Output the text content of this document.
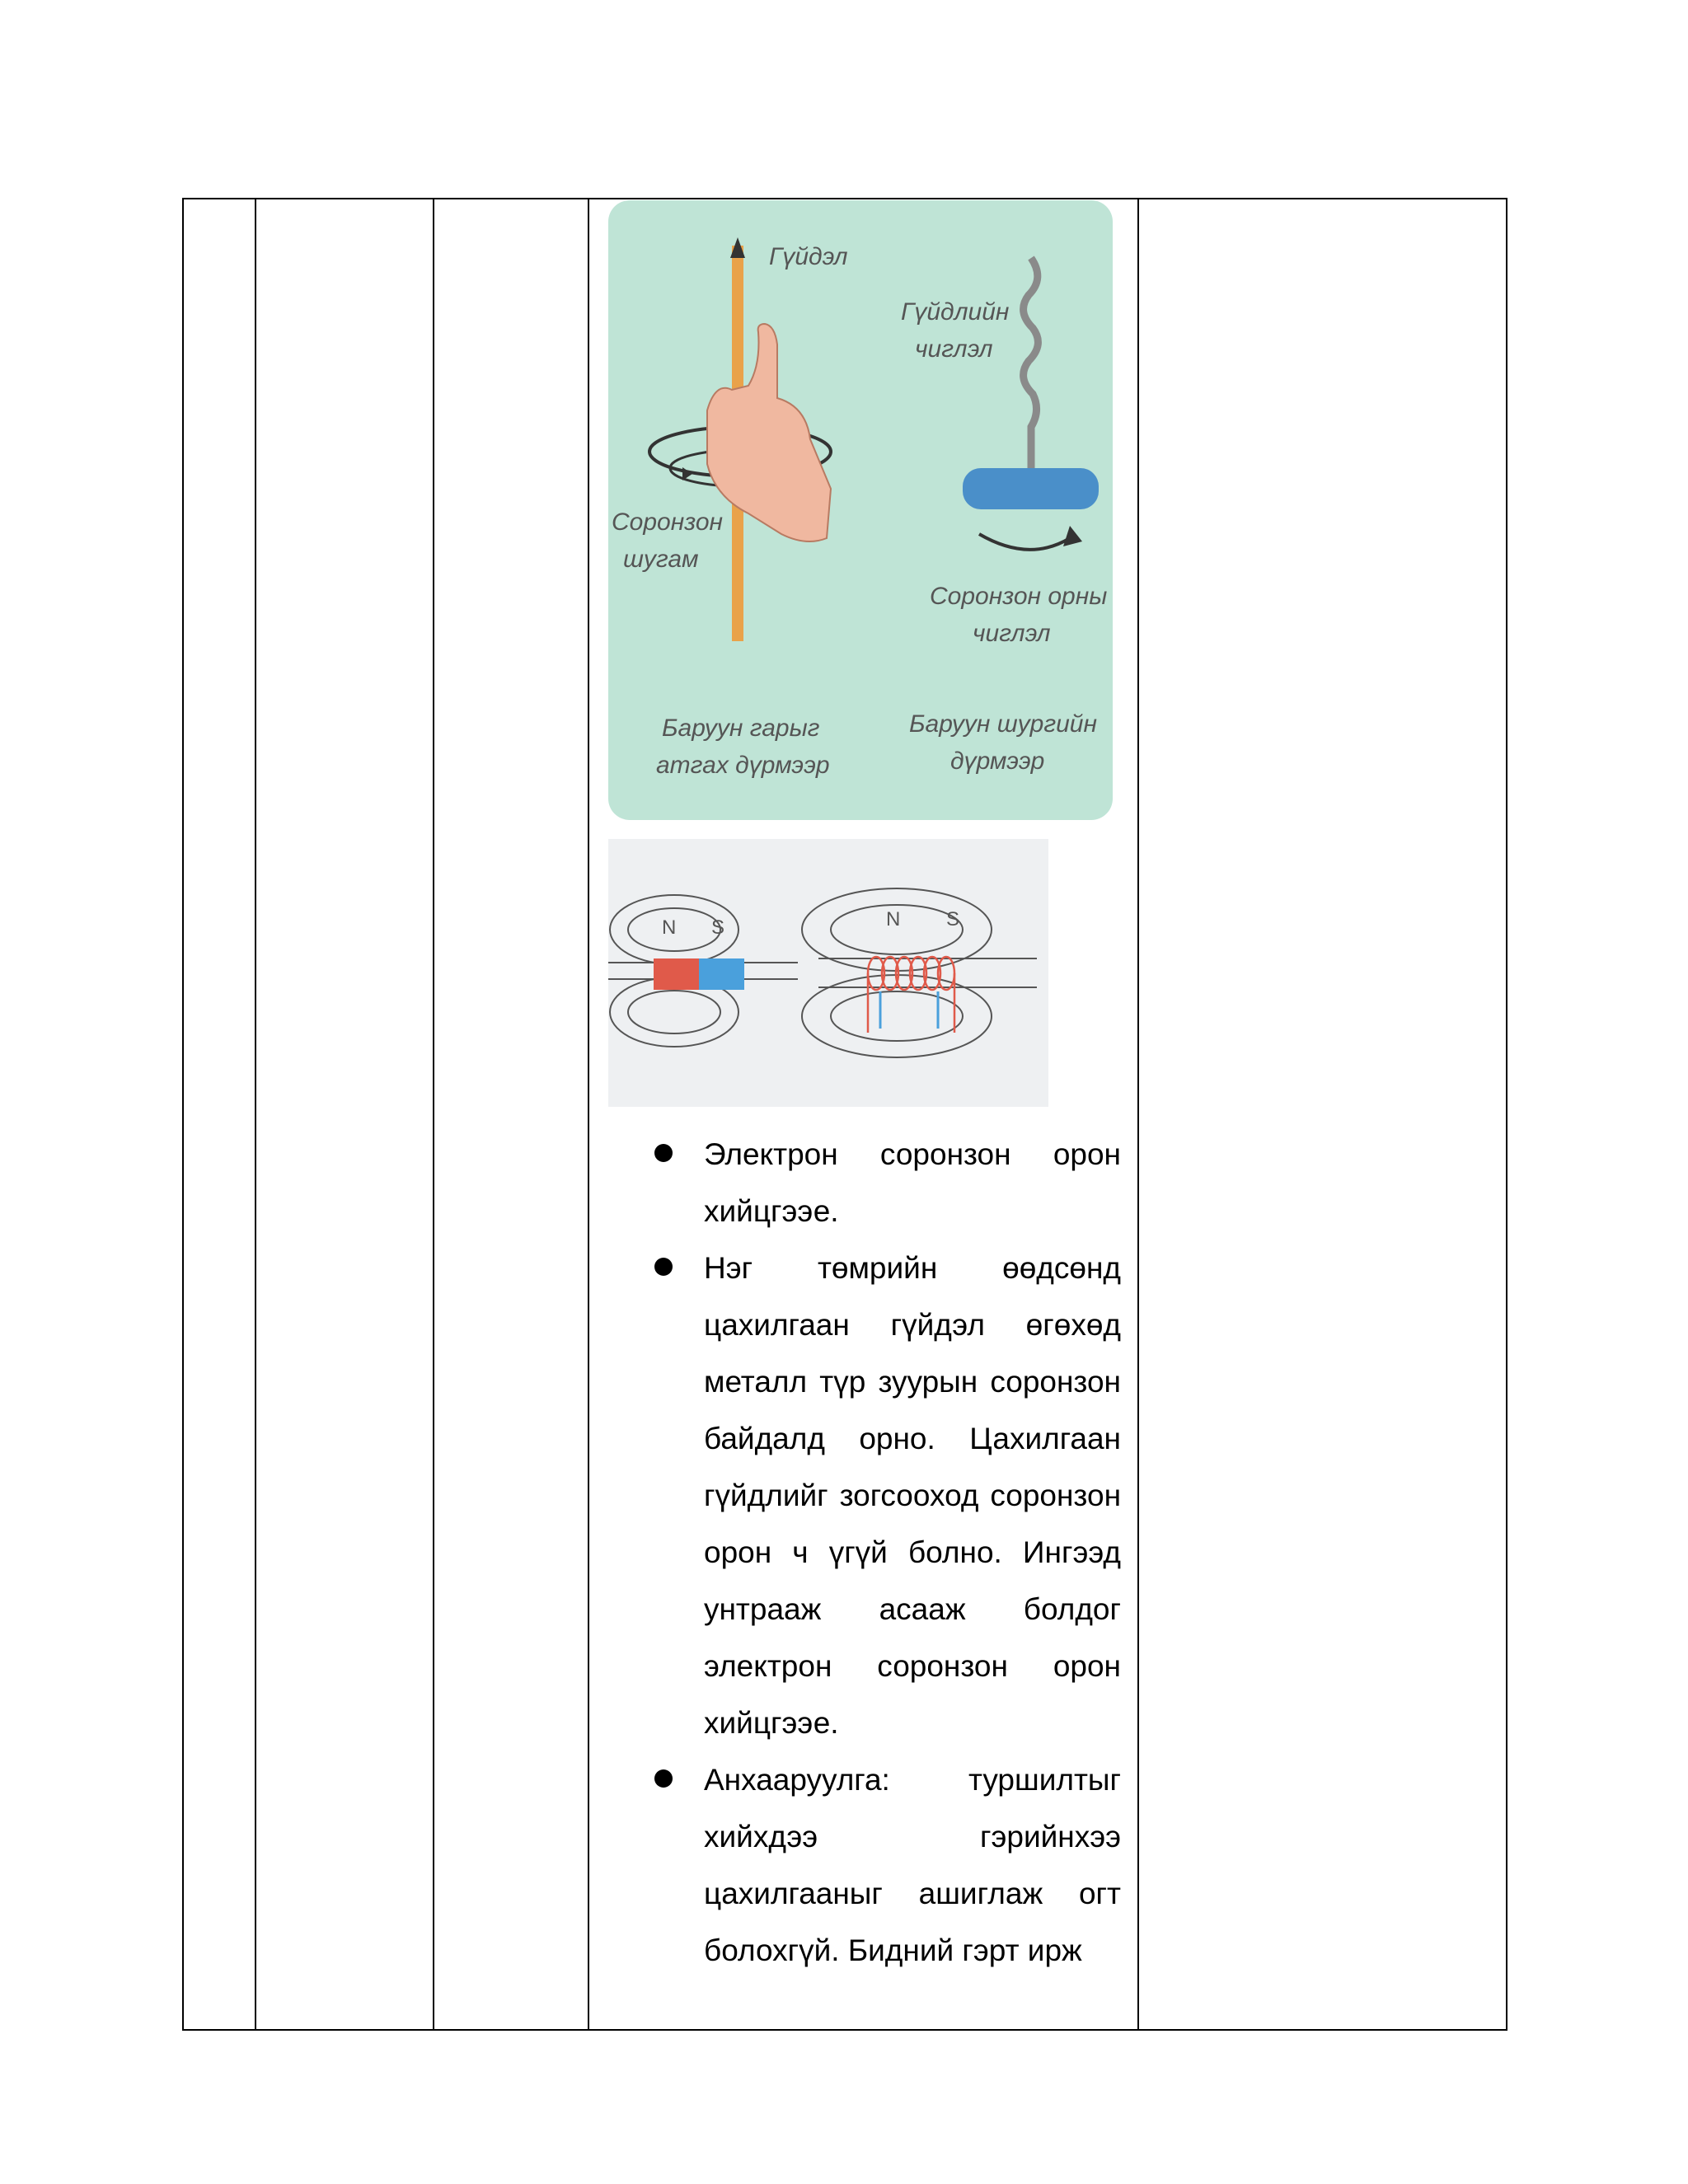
Гүйдэл
Гүйдлийн
чиглэл
Соронзон
шугам
Соронзон орны
чиглэл
Баруун гарыг
атгах дүрмээр
Баруун шургийн
дүрмээр
N S	N S
Электрон соронзон орон хийцгээе.
Нэг төмрийн өөдсөнд цахилгаан гүйдэл өгөхөд металл түр зуурын соронзон байдалд орно. Цахилгаан гүйдлийг зогсооход соронзон орон ч үгүй болно. Ингээд унтрааж асааж болдог электрон соронзон орон хийцгээе.
Анхааруулга: туршилтыг хийхдээ гэрийнхээ цахилгааныг ашиглаж огт болохгүй. Бидний гэрт ирж
